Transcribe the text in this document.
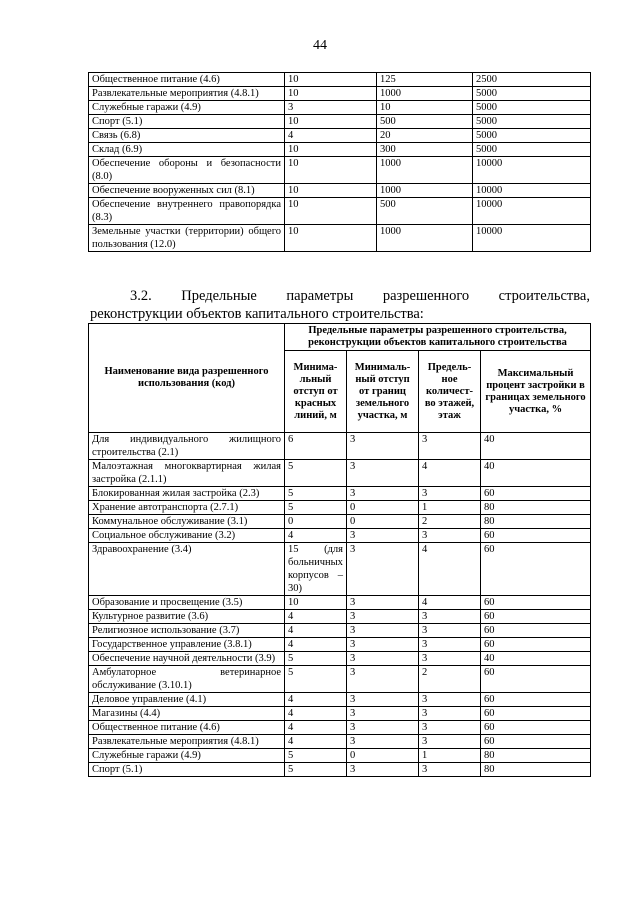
44
Общественное питание (4.6)	10	125	2500
Развлекательные мероприятия (4.8.1)	10	1000	5000
Служебные гаражи (4.9)	3	10	5000
Спорт (5.1)	10	500	5000
Связь (6.8)	4	20	5000
Склад (6.9)	10	300	5000
Обеспечение обороны и безопасности (8.0)	10	1000	10000
Обеспечение вооруженных сил (8.1)	10	1000	10000
Обеспечение внутреннего правопорядка (8.3)	10	500	10000
Земельные участки (территории) общего пользования (12.0)	10	1000	10000
3.2. Предельные параметры разрешенного строительства,
реконструкции объектов капитального строительства:
Наименование вида разрешенного использования (код)	Предельные параметры разрешенного строительства, реконструкции объектов капитального строительства			
	Минима- льный отступ от красных линий, м	Минималь- ный отступ от границ земельного участка, м	Предель- ное количест- во этажей, этаж	Максимальный процент застройки в границах земельного участка, %
Для индивидуального жилищного строительства (2.1)	6	3	3	40
Малоэтажная многоквартирная жилая застройка (2.1.1)	5	3	4	40
Блокированная жилая застройка (2.3)	5	3	3	60
Хранение автотранспорта (2.7.1)	5	0	1	80
Коммунальное обслуживание (3.1)	0	0	2	80
Социальное обслуживание (3.2)	4	3	3	60
Здравоохранение (3.4)	15 (для больничных корпусов – 30)	3	4	60
Образование и просвещение (3.5)	10	3	4	60
Культурное развитие (3.6)	4	3	3	60
Религиозное использование (3.7)	4	3	3	60
Государственное управление (3.8.1)	4	3	3	60
Обеспечение научной деятельности (3.9)	5	3	3	40
Амбулаторное ветеринарное обслуживание (3.10.1)	5	3	2	60
Деловое управление (4.1)	4	3	3	60
Магазины (4.4)	4	3	3	60
Общественное питание (4.6)	4	3	3	60
Развлекательные мероприятия (4.8.1)	4	3	3	60
Служебные гаражи (4.9)	5	0	1	80
Спорт (5.1)	5	3	3	80
